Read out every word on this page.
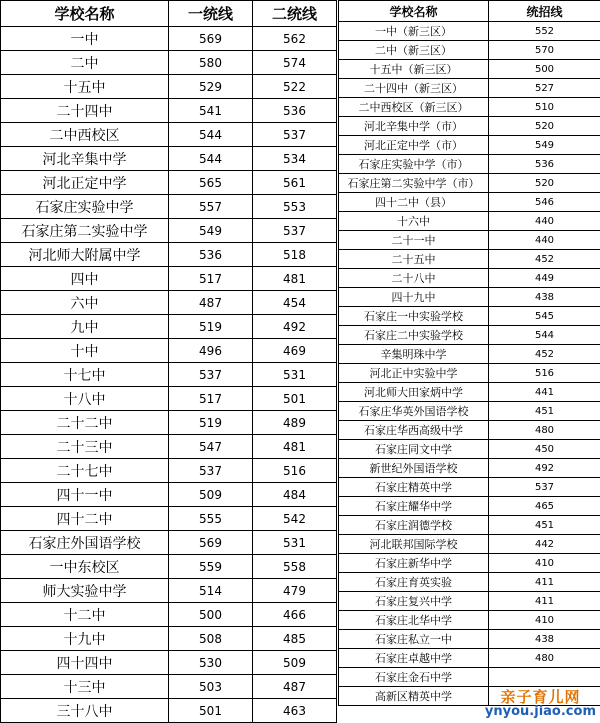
学校名称	一统线	二统线
一中	569	562
二中	580	574
十五中	529	522
二十四中	541	536
二中西校区	544	537
河北辛集中学	544	534
河北正定中学	565	561
石家庄实验中学	557	553
石家庄第二实验中学	549	537
河北师大附属中学	536	518
四中	517	481
六中	487	454
九中	519	492
十中	496	469
十七中	537	531
十八中	517	501
二十二中	519	489
二十三中	547	481
二十七中	537	516
四十一中	509	484
四十二中	555	542
石家庄外国语学校	569	531
一中东校区	559	558
师大实验中学	514	479
十二中	500	466
十九中	508	485
四十四中	530	509
十三中	503	487
三十八中	501	463
学校名称	统招线
一中（新三区）	552
二中（新三区）	570
十五中（新三区）	500
二十四中（新三区）	527
二中西校区（新三区）	510
河北辛集中学（市）	520
河北正定中学（市）	549
石家庄实验中学（市）	536
石家庄第二实验中学（市）	520
四十二中（县）	546
十六中	440
二十一中	440
二十五中	452
二十八中	449
四十九中	438
石家庄一中实验学校	545
石家庄二中实验学校	544
辛集明珠中学	452
河北正中实验中学	516
河北师大田家炳中学	441
石家庄华英外国语学校	451
石家庄华西高级中学	480
石家庄同文中学	450
新世纪外国语学校	492
石家庄精英中学	537
石家庄耀华中学	465
石家庄润德学校	451
河北联邦国际学校	442
石家庄新华中学	410
石家庄育英实验	411
石家庄复兴中学	411
石家庄北华中学	410
石家庄私立一中	438
石家庄卓越中学	480
石家庄金石中学	
高新区精英中学		亲子育儿网
ynyou.jiao.com
